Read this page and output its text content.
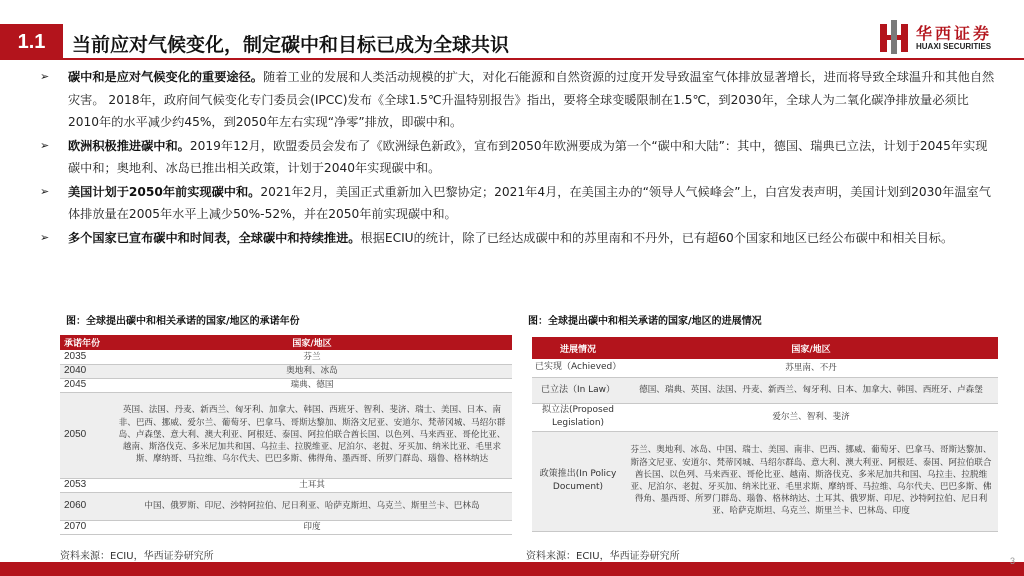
1.1	当前应对气候变化，制定碳中和目标已成为全球共识
华西证券
HUAXI SECURITIES
➢ 碳中和是应对气候变化的重要途径。随着工业的发展和人类活动规模的扩大，对化石能源和自然资源的过度开发导致温室气体排放显著增长，进而将导致全球温升和其他自然灾害。 2018年，政府间气候变化专门委员会(IPCC)发布《全球1.5℃升温特别报告》指出，要将全球变暖限制在1.5℃，到2030年，全球人为二氧化碳净排放量必须比2010年的水平减少约45%，到2050年左右实现“净零”排放，即碳中和。
➢ 欧洲积极推进碳中和。2019年12月，欧盟委员会发布了《欧洲绿色新政》，宣布到2050年欧洲要成为第一个“碳中和大陆”：其中，德国、瑞典已立法，计划于2045年实现碳中和；奥地利、冰岛已推出相关政策，计划于2040年实现碳中和。
➢ 美国计划于2050年前实现碳中和。2021年2月，美国正式重新加入巴黎协定；2021年4月，在美国主办的“领导人气候峰会”上，白宫发表声明，美国计划到2030年温室气体排放量在2005年水平上减少50%-52%，并在2050年前实现碳中和。
➢ 多个国家已宣布碳中和时间表，全球碳中和持续推进。根据ECIU的统计，除了已经达成碳中和的苏里南和不丹外，已有超60个国家和地区已经公布碳中和相关目标。
图：全球提出碳中和相关承诺的国家/地区的承诺年份
承诺年份	国家/地区
2035	芬兰
2040	奥地利、冰岛
2045	瑞典、德国
2050	英国、法国、丹麦、新西兰、匈牙利、加拿大、韩国、西班牙、智利、斐济、瑞士、美国、日本、南非、巴西、挪威、爱尔兰、葡萄牙、巴拿马、哥斯达黎加、斯洛文尼亚、安道尔、梵蒂冈城、马绍尔群岛、卢森堡、意大利、澳大利亚、阿根廷、泰国、阿拉伯联合酋长国、以色列、马来西亚、哥伦比亚、越南、斯洛伐克、多米尼加共和国、乌拉圭、拉脱维亚、尼泊尔、老挝、牙买加、纳米比亚、毛里求斯、摩纳哥、马拉维、乌尔代夫、巴巴多斯、佛得角、墨西哥、所罗门群岛、瑙鲁、格林纳达
2053	土耳其
2060	中国、俄罗斯、印尼、沙特阿拉伯、尼日利亚、哈萨克斯坦、乌克兰、斯里兰卡、巴林岛
2070	印度
资料来源：ECIU，华西证券研究所
图：全球提出碳中和相关承诺的国家/地区的进展情况
进展情况	国家/地区
已实现（Achieved）	苏里南、不丹
已立法（In Law）	德国、瑞典、英国、法国、丹麦、新西兰、匈牙利、日本、加拿大、韩国、西班牙、卢森堡
拟立法(Proposed Legislation)	爱尔兰、智利、斐济
政策推出(In Policy Document)	芬兰、奥地利、冰岛、中国、瑞士、美国、南非、巴西、挪威、葡萄牙、巴拿马、哥斯达黎加、斯洛文尼亚、安道尔、梵蒂冈城、马绍尔群岛、意大利、澳大利亚、阿根廷、泰国、阿拉伯联合酋长国、以色列、马来西亚、哥伦比亚、越南、斯洛伐克、多米尼加共和国、乌拉圭、拉脱维亚、尼泊尔、老挝、牙买加、纳米比亚、毛里求斯、摩纳哥、马拉维、乌尔代夫、巴巴多斯、佛得角、墨西哥、所罗门群岛、瑙鲁、格林纳达、土耳其、俄罗斯、印尼、沙特阿拉伯、尼日利亚、哈萨克斯坦、乌克兰、斯里兰卡、巴林岛、印度
资料来源：ECIU，华西证券研究所	3
